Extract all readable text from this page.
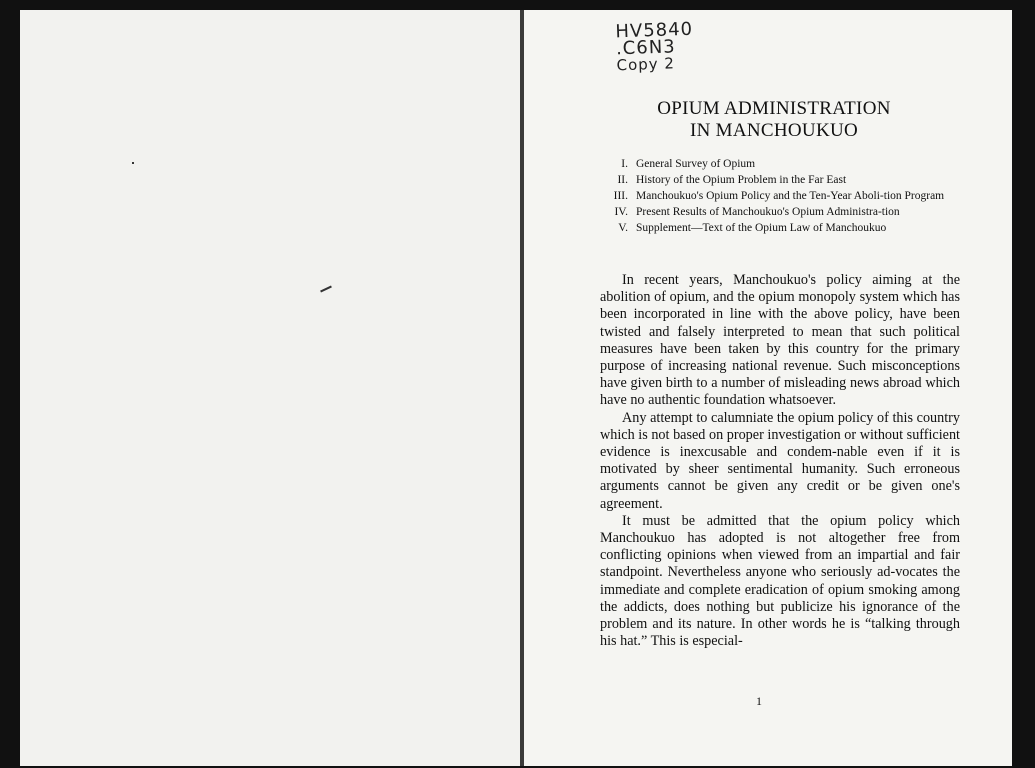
HV5840
.C6N3
Copy 2
OPIUM ADMINISTRATION
IN MANCHOUKUO
I. General Survey of Opium
II. History of the Opium Problem in the Far East
III. Manchoukuo's Opium Policy and the Ten-Year Aboli-tion Program
IV. Present Results of Manchoukuo's Opium Administra-tion
V. Supplement—Text of the Opium Law of Manchoukuo

In recent years, Manchoukuo's policy aiming at the abolition of opium, and the opium monopoly system which has been incorporated in line with the above policy, have been twisted and falsely interpreted to mean that such political measures have been taken by this country for the primary purpose of increasing national revenue. Such misconceptions have given birth to a number of misleading news abroad which have no authentic foundation whatsoever.

Any attempt to calumniate the opium policy of this country which is not based on proper investigation or without sufficient evidence is inexcusable and condem-nable even if it is motivated by sheer sentimental humanity. Such erroneous arguments cannot be given any credit or be given one's agreement.

It must be admitted that the opium policy which Manchoukuo has adopted is not altogether free from conflicting opinions when viewed from an impartial and fair standpoint. Nevertheless anyone who seriously ad-vocates the immediate and complete eradication of opium smoking among the addicts, does nothing but publicize his ignorance of the problem and its nature. In other words he is “talking through his hat.” This is especial-

1
